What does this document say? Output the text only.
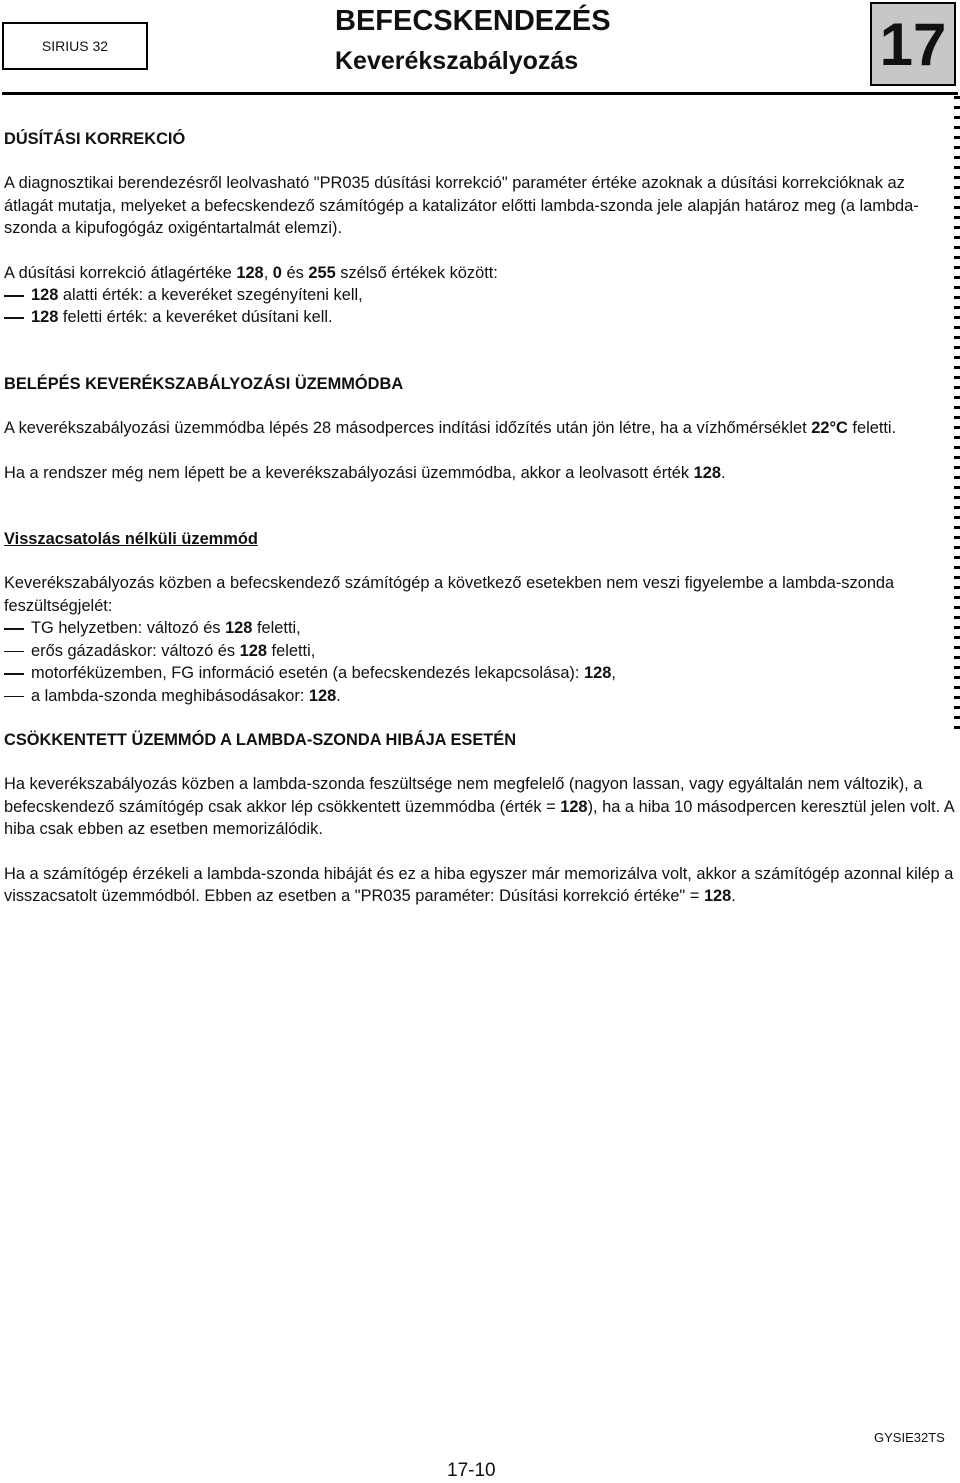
SIRIUS 32
BEFECSKENDEZÉS
Keverékszabályozás	17

DÚSÍTÁSI KORREKCIÓ

A diagnosztikai berendezésről leolvasható "PR035 dúsítási korrekció" paraméter értéke azoknak a dúsítási korrekcióknak az átlagát mutatja, melyeket a befecskendező számítógép a katalizátor előtti lambda-szonda jele alapján határoz meg (a lambda-szonda a kipufogógáz oxigéntartalmát elemzi).

A dúsítási korrekció átlagértéke 128, 0 és 255 szélső értékek között:

128 alatti érték: a keveréket szegényíteni kell,
128 feletti érték: a keveréket dúsítani kell.

BELÉPÉS KEVERÉKSZABÁLYOZÁSI ÜZEMMÓDBA

A keverékszabályozási üzemmódba lépés 28 másodperces indítási időzítés után jön létre, ha a vízhőmérséklet 22°C feletti.

Ha a rendszer még nem lépett be a keverékszabályozási üzemmódba, akkor a leolvasott érték 128.

Visszacsatolás nélküli üzemmód

Keverékszabályozás közben a befecskendező számítógép a következő esetekben nem veszi figyelembe a lambda-szonda feszültségjelét:

TG helyzetben: változó és 128 feletti,
erős gázadáskor: változó és 128 feletti,
motorféküzemben, FG információ esetén (a befecskendezés lekapcsolása): 128,
a lambda-szonda meghibásodásakor: 128.

CSÖKKENTETT ÜZEMMÓD A LAMBDA-SZONDA HIBÁJA ESETÉN

Ha keverékszabályozás közben a lambda-szonda feszültsége nem megfelelő (nagyon lassan, vagy egyáltalán nem változik), a befecskendező számítógép csak akkor lép csökkentett üzemmódba (érték = 128), ha a hiba 10 másodpercen keresztül jelen volt. A hiba csak ebben az esetben memorizálódik.

Ha a számítógép érzékeli a lambda-szonda hibáját és ez a hiba egyszer már memorizálva volt, akkor a számítógép azonnal kilép a visszacsatolt üzemmódból. Ebben az esetben a "PR035 paraméter: Dúsítási korrekció értéke" = 128.

GYSIE32TS
17-10
